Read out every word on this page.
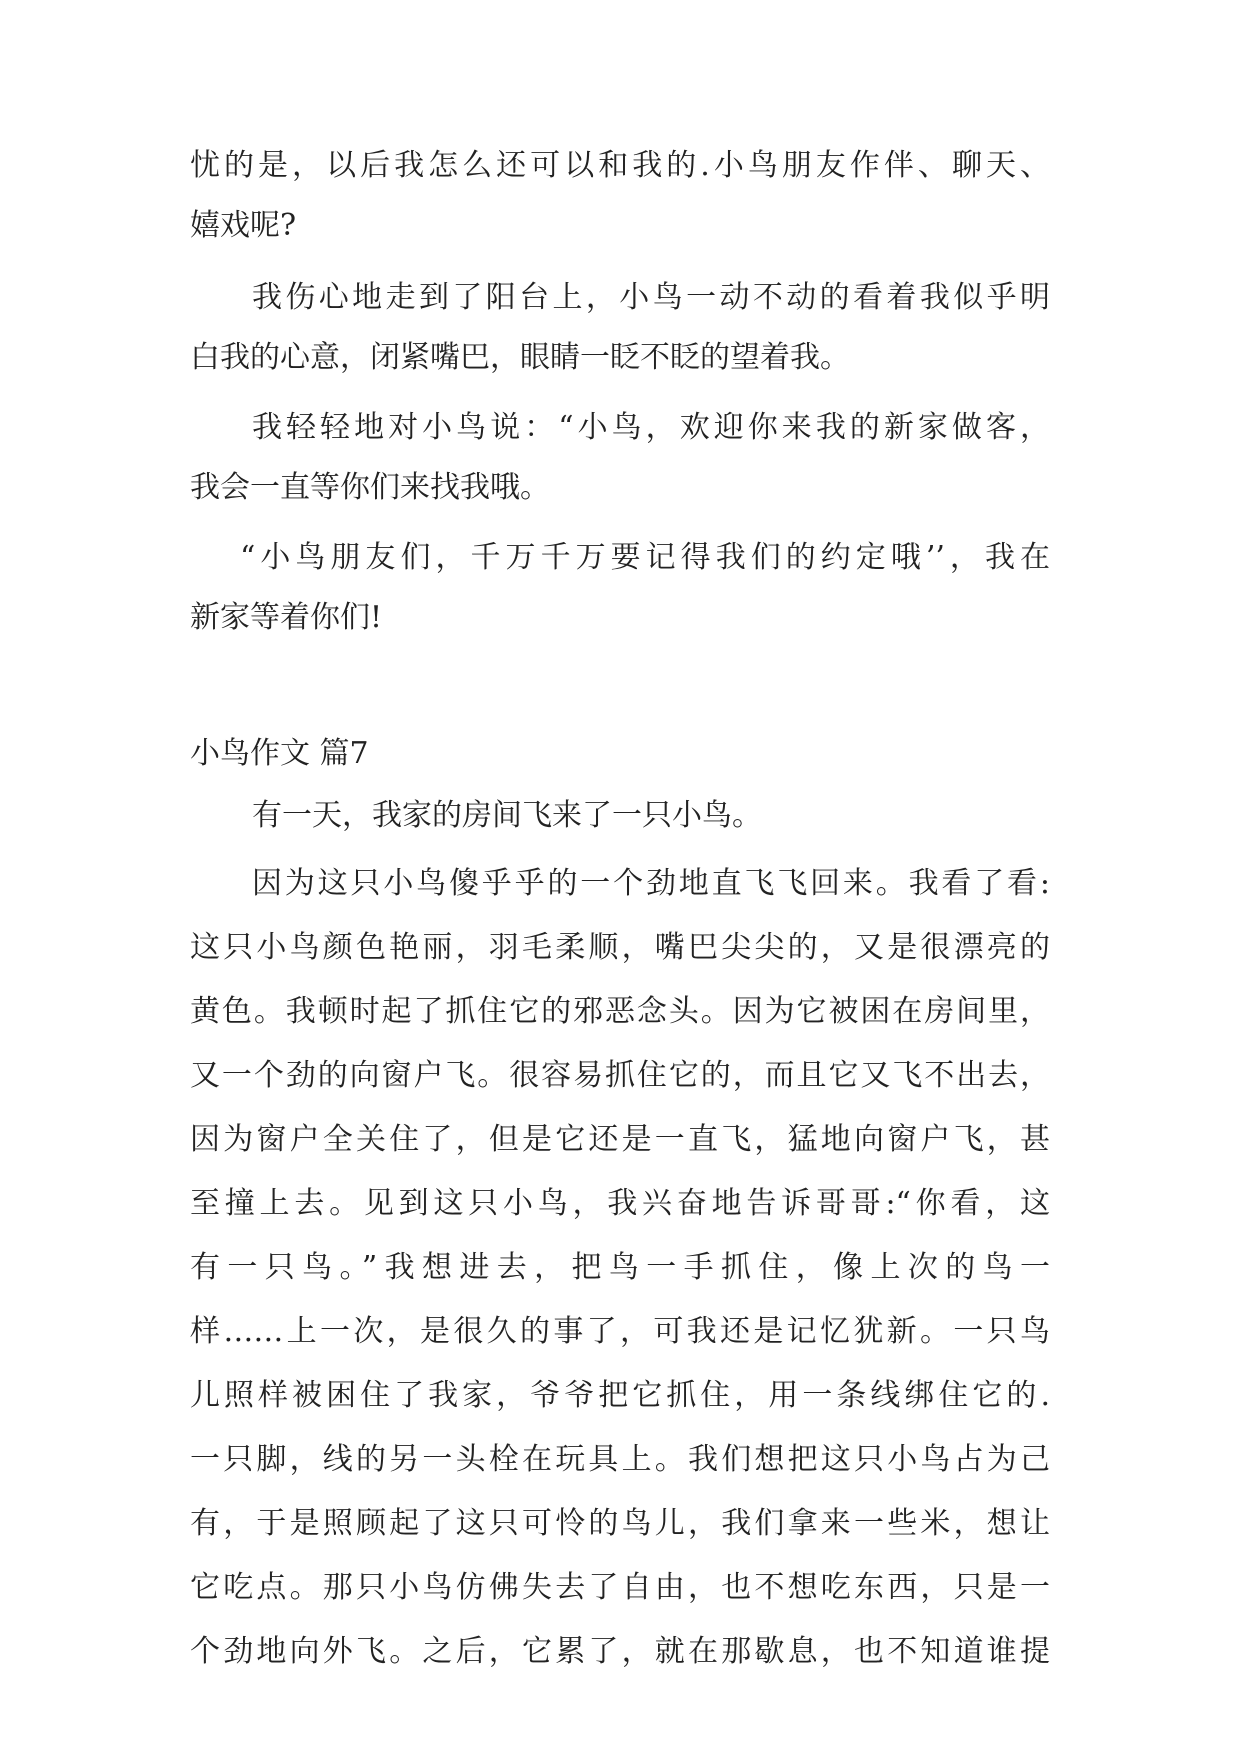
忧的是，以后我怎么还可以和我的.小鸟朋友作伴、聊天、
嬉戏呢?
我伤心地走到了阳台上，小鸟一动不动的看着我似乎明
白我的心意，闭紧嘴巴，眼睛一眨不眨的望着我。
我轻轻地对小鸟说：“小鸟，欢迎你来我的新家做客，
我会一直等你们来找我哦。
“小鸟朋友们，千万千万要记得我们的约定哦’’，我在
新家等着你们!
小鸟作文 篇7
有一天，我家的房间飞来了一只小鸟。
因为这只小鸟傻乎乎的一个劲地直飞飞回来。我看了看:
这只小鸟颜色艳丽，羽毛柔顺，嘴巴尖尖的，又是很漂亮的
黄色。我顿时起了抓住它的邪恶念头。因为它被困在房间里，
又一个劲的向窗户飞。很容易抓住它的，而且它又飞不出去，
因为窗户全关住了，但是它还是一直飞，猛地向窗户飞，甚
至撞上去。见到这只小鸟，我兴奋地告诉哥哥:“你看，这
有一只鸟。”我想进去，把鸟一手抓住，像上次的鸟一
样……上一次，是很久的事了，可我还是记忆犹新。一只鸟
儿照样被困住了我家，爷爷把它抓住，用一条线绑住它的.
一只脚，线的另一头栓在玩具上。我们想把这只小鸟占为己
有，于是照顾起了这只可怜的鸟儿，我们拿来一些米，想让
它吃点。那只小鸟仿佛失去了自由，也不想吃东西，只是一
个劲地向外飞。之后，它累了，就在那歇息，也不知道谁提
